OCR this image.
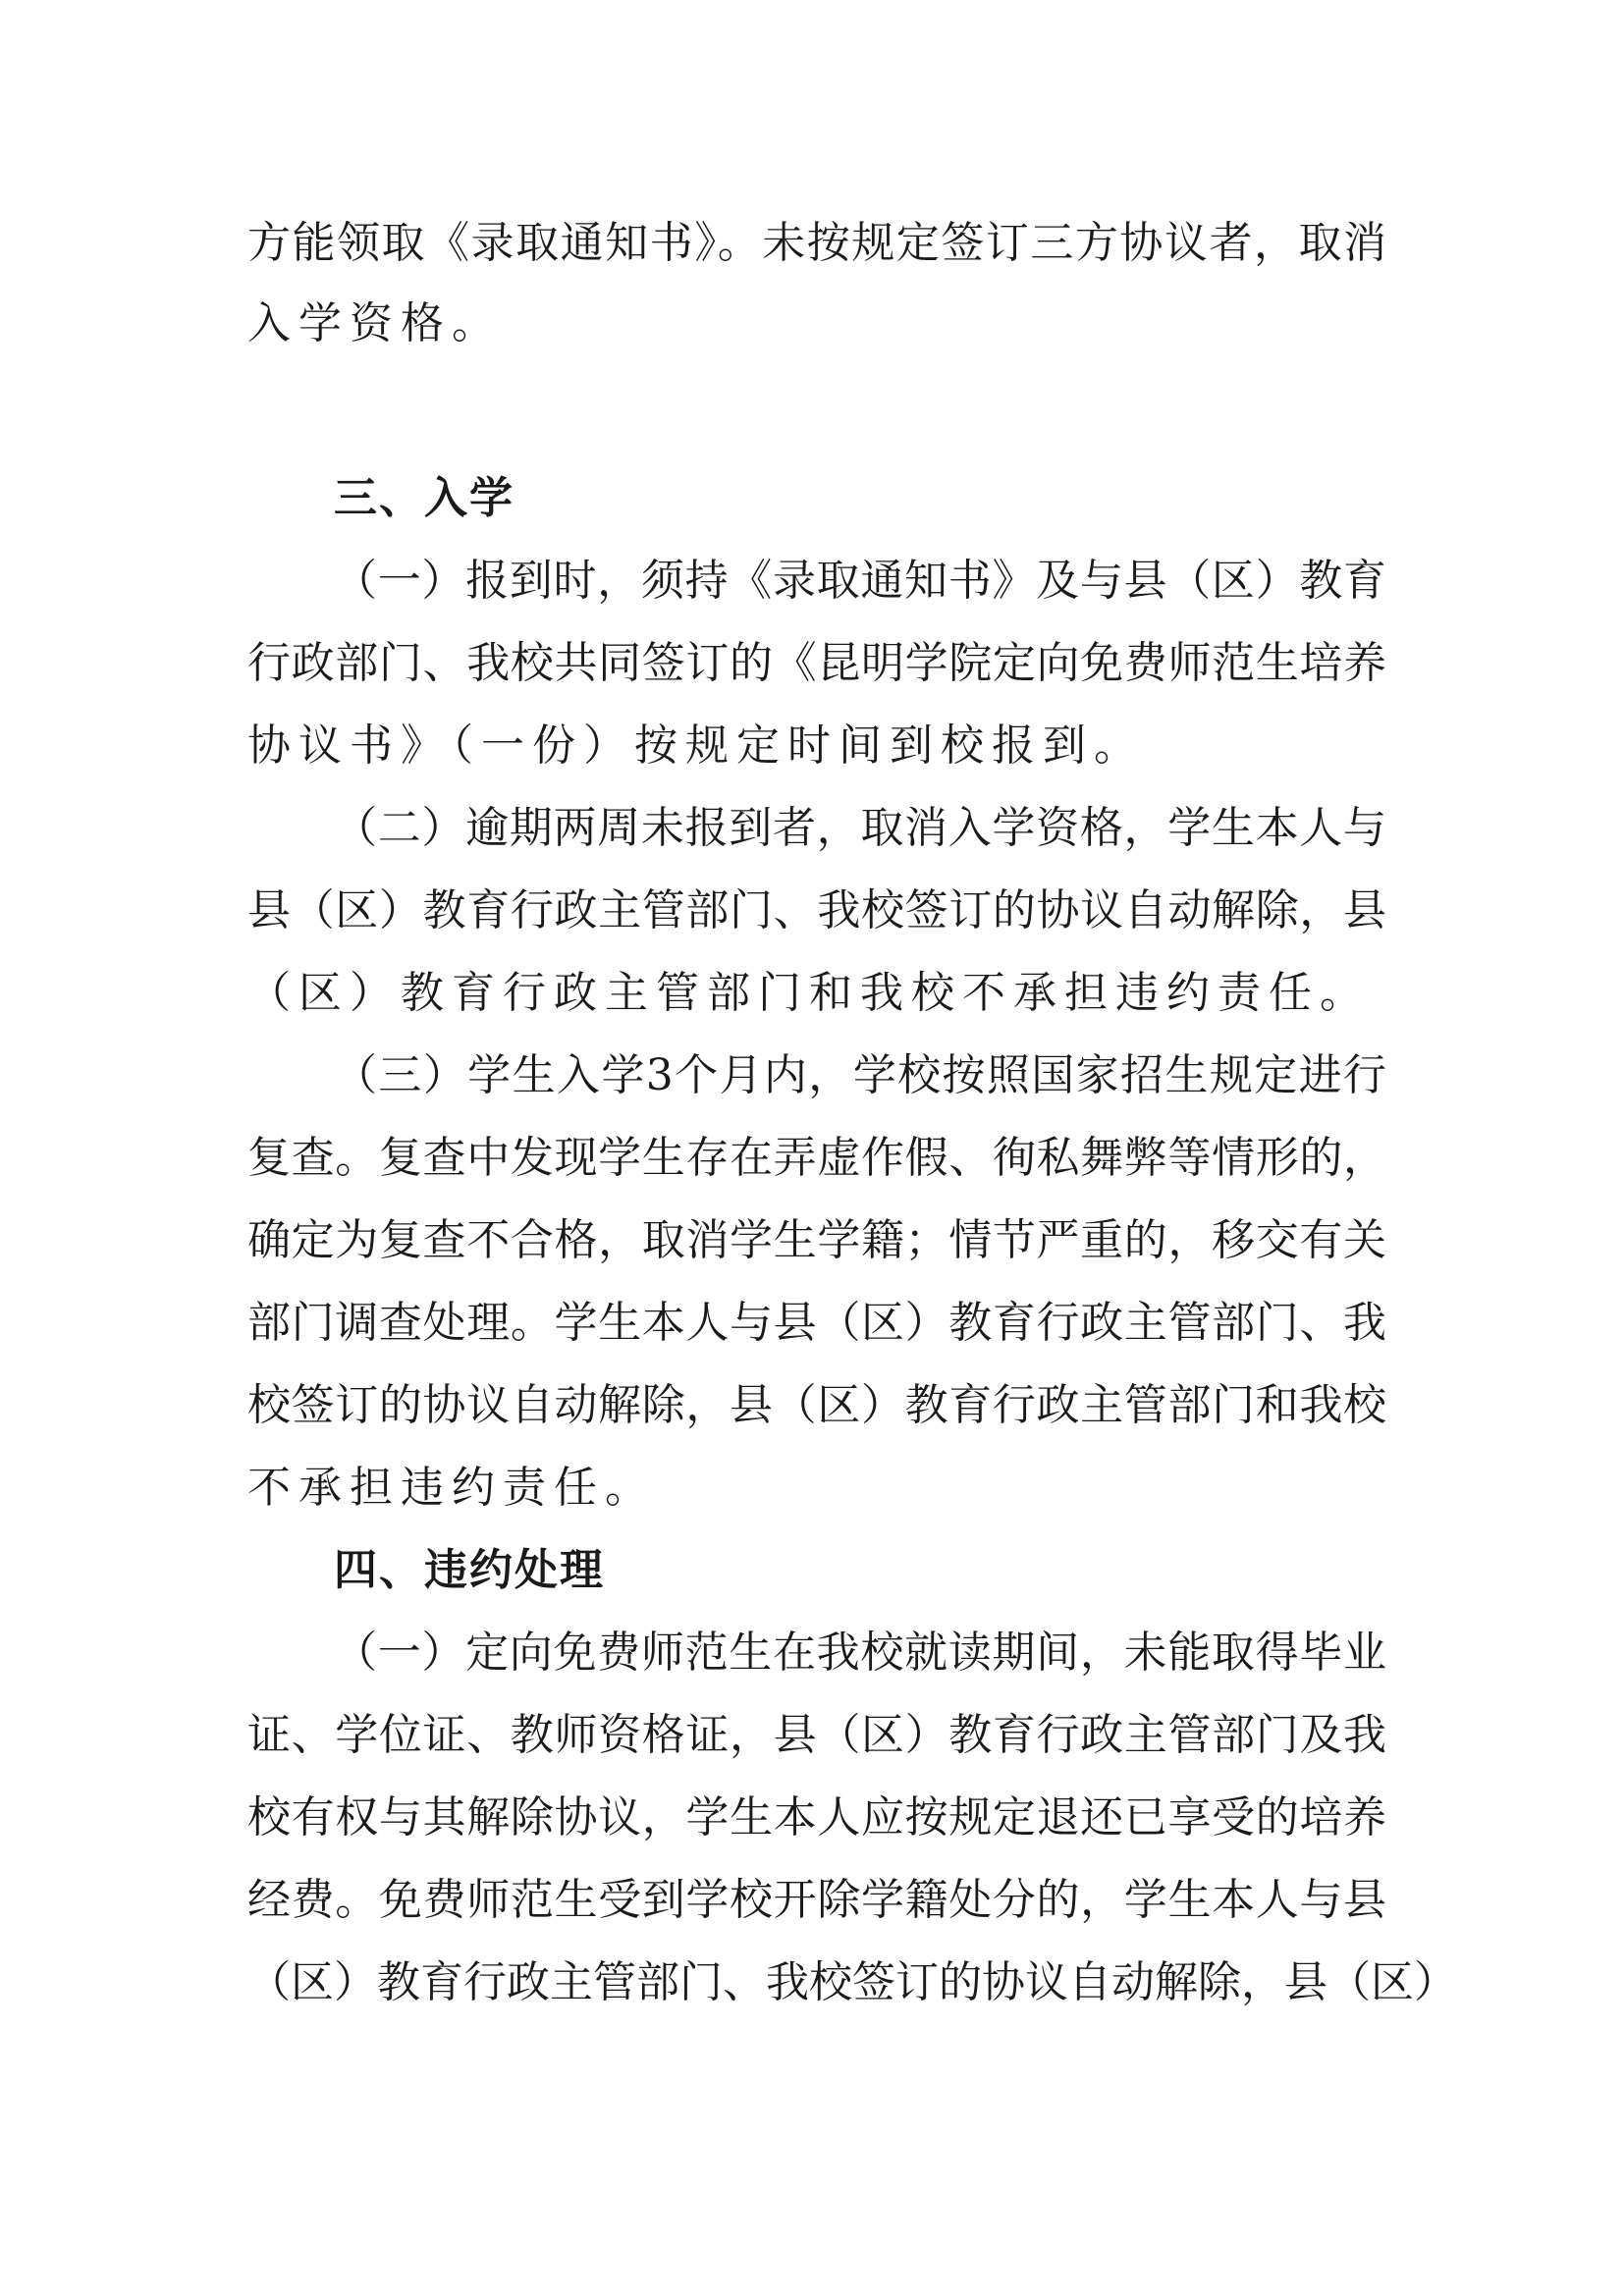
方能领取《录取通知书》。未按规定签订三方协议者，取消
入学资格。
三、入学
（一）报到时，须持《录取通知书》及与县（区）教育
行政部门、我校共同签订的《昆明学院定向免费师范生培养
协议书》（一份）按规定时间到校报到。
（二）逾期两周未报到者，取消入学资格，学生本人与
县（区）教育行政主管部门、我校签订的协议自动解除，县
（区）教育行政主管部门和我校不承担违约责任。
（三）学生入学3个月内，学校按照国家招生规定进行
复查。复查中发现学生存在弄虚作假、徇私舞弊等情形的，
确定为复查不合格，取消学生学籍；情节严重的，移交有关
部门调查处理。学生本人与县（区）教育行政主管部门、我
校签订的协议自动解除，县（区）教育行政主管部门和我校
不承担违约责任。
四、违约处理
（一）定向免费师范生在我校就读期间，未能取得毕业
证、学位证、教师资格证，县（区）教育行政主管部门及我
校有权与其解除协议，学生本人应按规定退还已享受的培养
经费。免费师范生受到学校开除学籍处分的，学生本人与县
（区）教育行政主管部门、我校签订的协议自动解除，县（区）
